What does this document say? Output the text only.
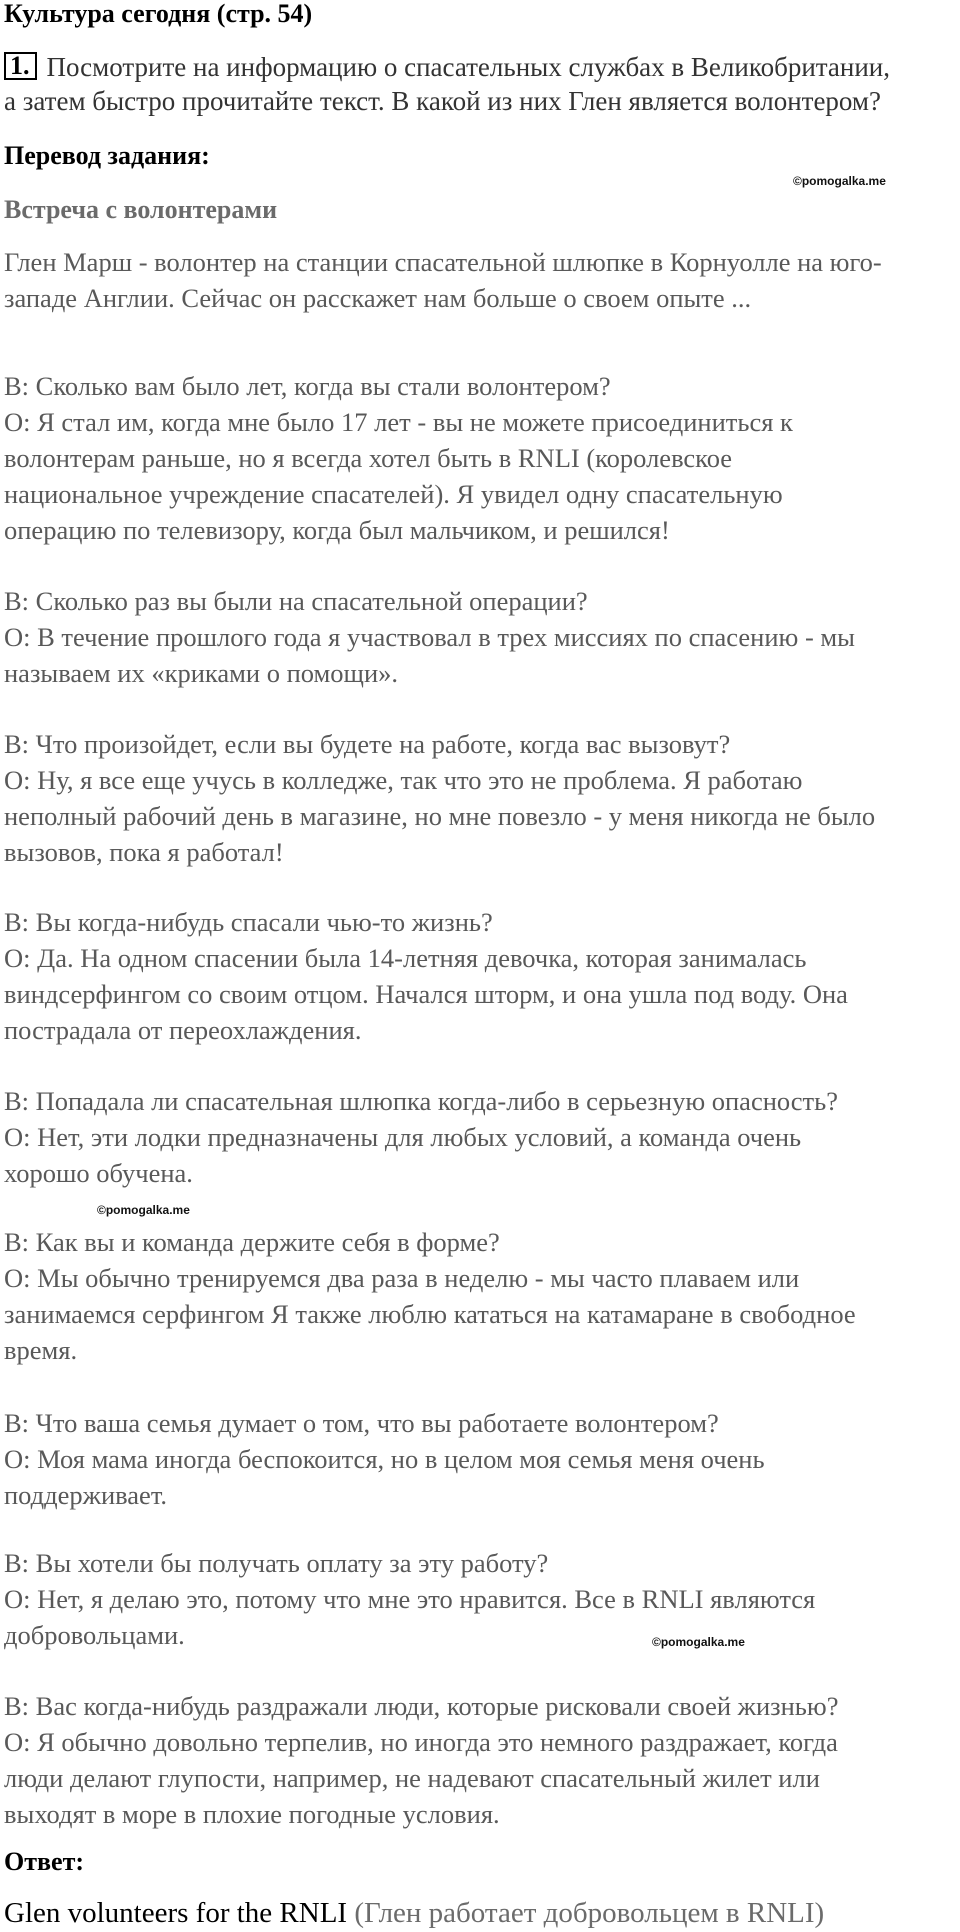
Культура сегодня (стр. 54)
1. Посмотрите на информацию о спасательных службах в Великобритании,
а затем быстро прочитайте текст. В какой из них Глен является волонтером?
Перевод задания:
©pomogalka.me
Встреча с волонтерами
Глен Марш - волонтер на станции спасательной шлюпке в Корнуолле на юго-
западе Англии. Сейчас он расскажет нам больше о своем опыте ...
В: Сколько вам было лет, когда вы стали волонтером?
О: Я стал им, когда мне было 17 лет - вы не можете присоединиться к
волонтерам раньше, но я всегда хотел быть в RNLI (королевское
национальное учреждение спасателей). Я увидел одну спасательную
операцию по телевизору, когда был мальчиком, и решился!
В: Сколько раз вы были на спасательной операции?
О: В течение прошлого года я участвовал в трех миссиях по спасению - мы
называем их «криками о помощи».
В: Что произойдет, если вы будете на работе, когда вас вызовут?
О: Ну, я все еще учусь в колледже, так что это не проблема. Я работаю
неполный рабочий день в магазине, но мне повезло - у меня никогда не было
вызовов, пока я работал!
В: Вы когда-нибудь спасали чью-то жизнь?
О: Да. На одном спасении была 14-летняя девочка, которая занималась
виндсерфингом со своим отцом. Начался шторм, и она ушла под воду. Она
пострадала от переохлаждения.
В: Попадала ли спасательная шлюпка когда-либо в серьезную опасность?
О: Нет, эти лодки предназначены для любых условий, а команда очень
хорошо обучена.
©pomogalka.me
В: Как вы и команда держите себя в форме?
О: Мы обычно тренируемся два раза в неделю - мы часто плаваем или
занимаемся серфингом Я также люблю кататься на катамаране в свободное
время.
В: Что ваша семья думает о том, что вы работаете волонтером?
О: Моя мама иногда беспокоится, но в целом моя семья меня очень
поддерживает.
В: Вы хотели бы получать оплату за эту работу?
О: Нет, я делаю это, потому что мне это нравится. Все в RNLI являются
добровольцами.	©pomogalka.me
В: Вас когда-нибудь раздражали люди, которые рисковали своей жизнью?
О: Я обычно довольно терпелив, но иногда это немного раздражает, когда
люди делают глупости, например, не надевают спасательный жилет или
выходят в море в плохие погодные условия.
Ответ:
Glen volunteers for the RNLI (Глен работает добровольцем в RNLI)
